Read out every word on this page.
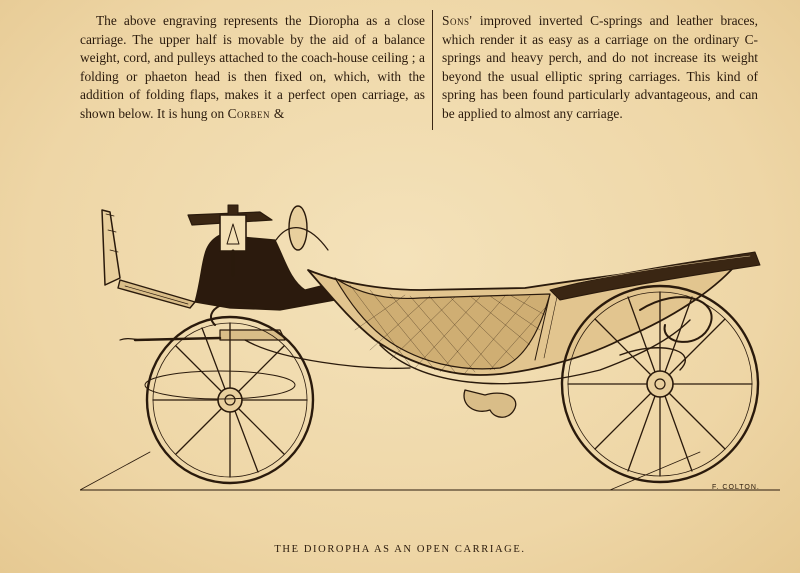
The above engraving represents the Dioropha as a close carriage. The upper half is movable by the aid of a balance weight, cord, and pulleys attached to the coach-house ceiling ; a folding or phaeton head is then fixed on, which, with the addition of folding flaps, makes it a perfect open carriage, as shown below. It is hung on Corben &

Sons' improved inverted C-springs and leather braces, which render it as easy as a carriage on the ordinary C-springs and heavy perch, and do not increase its weight beyond the usual elliptic spring carriages. This kind of spring has been found particularly advantageous, and can be applied to almost any carriage.

F. COLTON.
THE DIOROPHA AS AN OPEN CARRIAGE.
